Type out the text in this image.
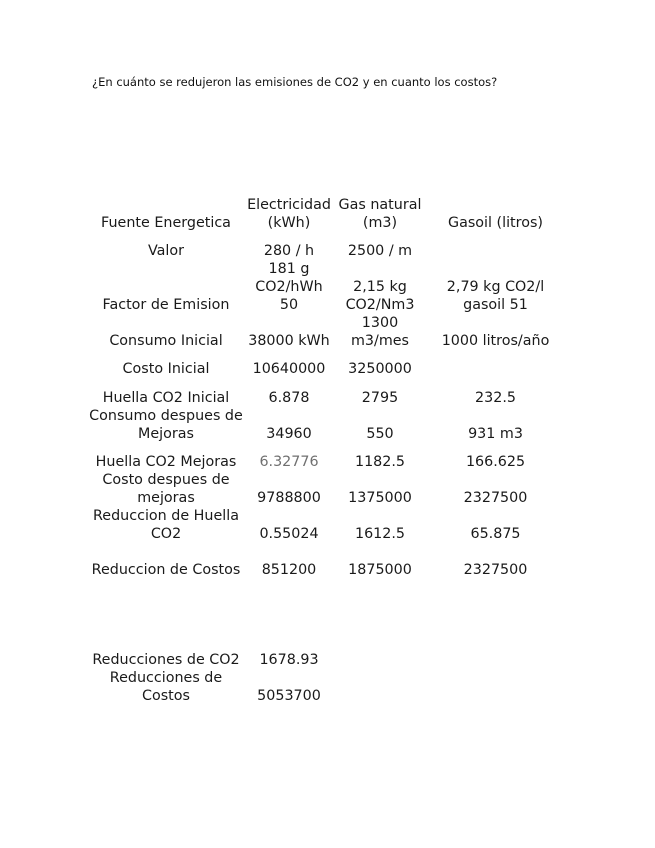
¿En cuánto se redujeron las emisiones de CO2 y en cuanto los costos?
Fuente Energetica	Electricidad (kWh)	Gas natural (m3)	Gasoil (litros)
Valor	280 / h	2500 / m	
Factor de Emision	181 g CO2/hWh 50	2,15 kg CO2/Nm3	2,79 kg CO2/l gasoil 51
Consumo Inicial	38000 kWh	1300 m3/mes	1000 litros/año
Costo Inicial	10640000	3250000	
Huella CO2 Inicial	6.878	2795	232.5
Consumo despues de Mejoras	34960	550	931 m3
Huella CO2 Mejoras	6.32776	1182.5	166.625
Costo despues de mejoras	9788800	1375000	2327500
Reduccion de Huella CO2	0.55024	1612.5	65.875
Reduccion de Costos	851200	1875000	2327500
Reducciones de CO2	1678.93
Reducciones de Costos	5053700
